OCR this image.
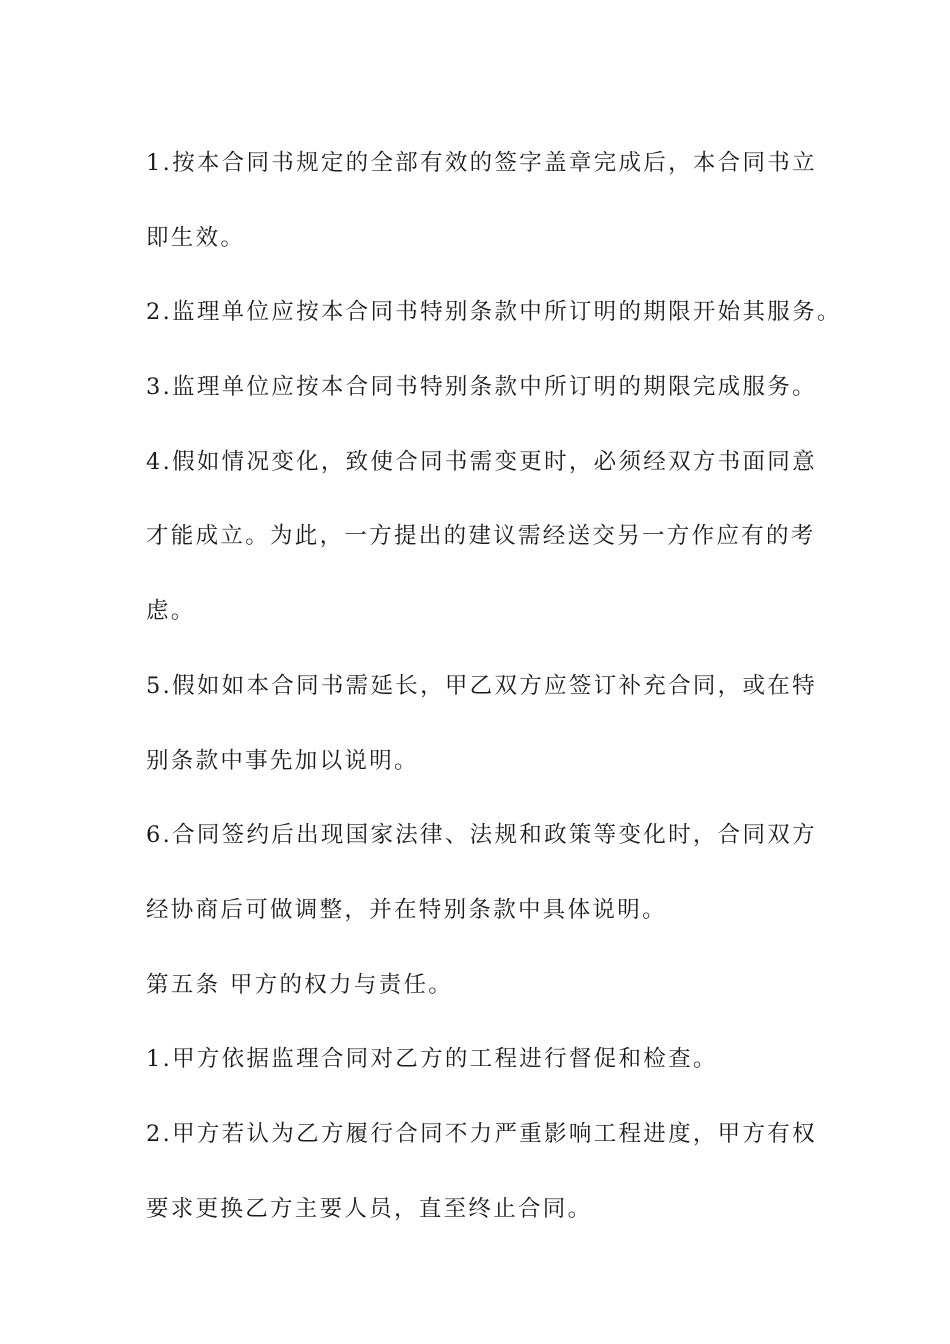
1.按本合同书规定的全部有效的签字盖章完成后，本合同书立
即生效。
2.监理单位应按本合同书特别条款中所订明的期限开始其服务。
3.监理单位应按本合同书特别条款中所订明的期限完成服务。
4.假如情况变化，致使合同书需变更时，必须经双方书面同意
才能成立。为此，一方提出的建议需经送交另一方作应有的考
虑。
5.假如如本合同书需延长，甲乙双方应签订补充合同，或在特
别条款中事先加以说明。
6.合同签约后出现国家法律、法规和政策等变化时，合同双方
经协商后可做调整，并在特别条款中具体说明。
第五条 甲方的权力与责任。
1.甲方依据监理合同对乙方的工程进行督促和检查。
2.甲方若认为乙方履行合同不力严重影响工程进度，甲方有权
要求更换乙方主要人员，直至终止合同。
